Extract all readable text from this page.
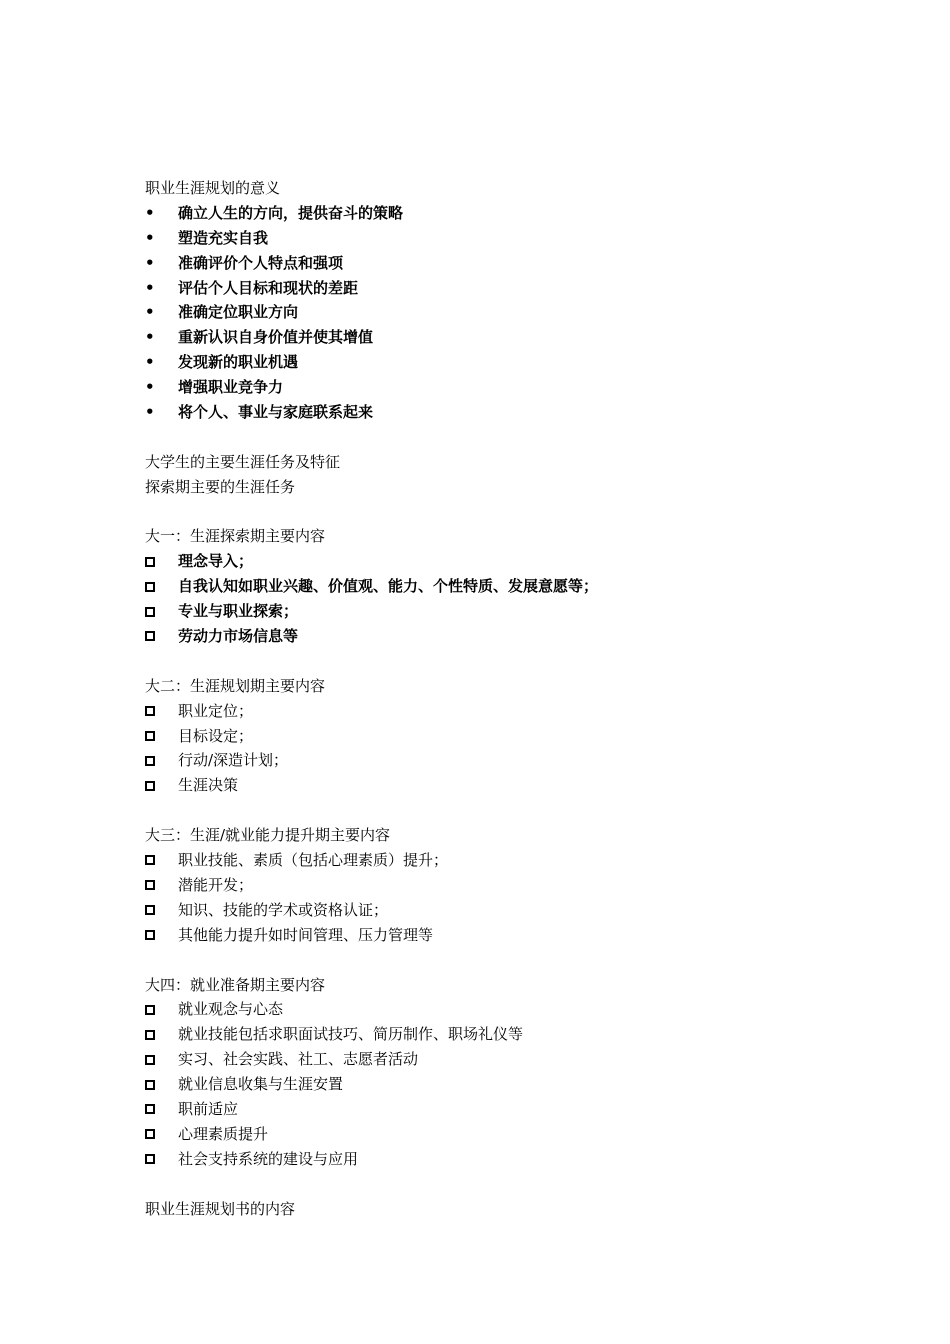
职业生涯规划的意义
• 确立人生的方向，提供奋斗的策略
• 塑造充实自我
• 准确评价个人特点和强项
• 评估个人目标和现状的差距
• 准确定位职业方向
• 重新认识自身价值并使其增值
• 发现新的职业机遇
• 增强职业竞争力
• 将个人、事业与家庭联系起来
大学生的主要生涯任务及特征
探索期主要的生涯任务
大一：生涯探索期主要内容
理念导入；
自我认知如职业兴趣、价值观、能力、个性特质、发展意愿等；
专业与职业探索；
劳动力市场信息等
大二：生涯规划期主要内容
职业定位；
目标设定；
行动/深造计划；
生涯决策
大三：生涯/就业能力提升期主要内容
职业技能、素质（包括心理素质）提升；
潜能开发；
知识、技能的学术或资格认证；
其他能力提升如时间管理、压力管理等
大四：就业准备期主要内容
就业观念与心态
就业技能包括求职面试技巧、简历制作、职场礼仪等
实习、社会实践、社工、志愿者活动
就业信息收集与生涯安置
职前适应
心理素质提升
社会支持系统的建设与应用
职业生涯规划书的内容
